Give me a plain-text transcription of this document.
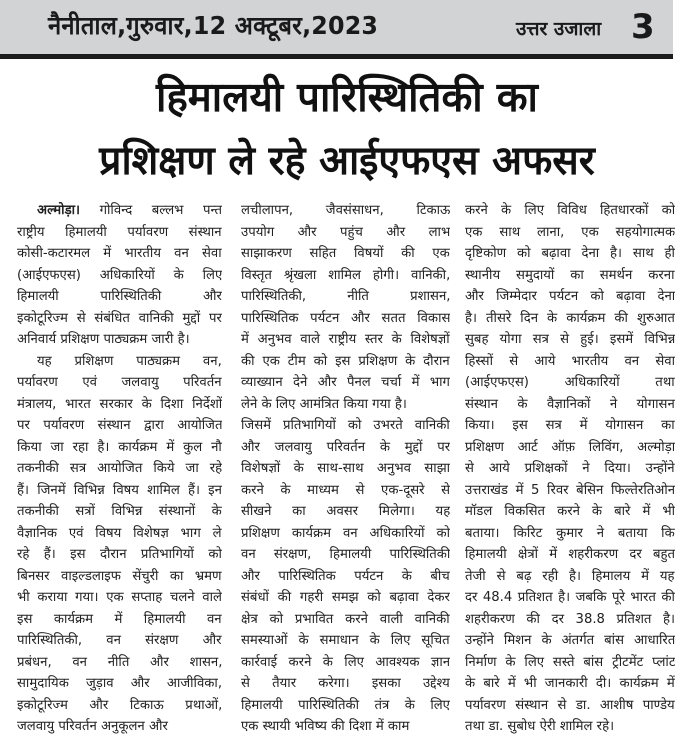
नैनीताल,गुरुवार,12 अक्टूबर,2023	उत्तर उजाला 3
हिमालयी पारिस्थितिकी का
प्रशिक्षण ले रहे आईएफएस अफसर
अल्मोड़ा। गोविन्द बल्लभ पन्त
राष्ट्रीय हिमालयी पर्यावरण संस्थान
कोसी-कटारमल में भारतीय वन सेवा
(आईएफएस) अधिकारियों के लिए
हिमालयी पारिस्थितिकी और
इकोटूरिज्म से संबंधित वानिकी मुद्दों पर
अनिवार्य प्रशिक्षण पाठ्यक्रम जारी है।
यह प्रशिक्षण पाठ्यक्रम वन,
पर्यावरण एवं जलवायु परिवर्तन
मंत्रालय, भारत सरकार के दिशा निर्देशों
पर पर्यावरण संस्थान द्वारा आयोजित
किया जा रहा है। कार्यक्रम में कुल नौ
तकनीकी सत्र आयोजित किये जा रहे
हैं। जिनमें विभिन्न विषय शामिल हैं। इन
तकनीकी सत्रों विभिन्न संस्थानों के
वैज्ञानिक एवं विषय विशेषज्ञ भाग ले
रहे हैं। इस दौरान प्रतिभागियों को
बिनसर वाइल्डलाइफ सेंचुरी का भ्रमण
भी कराया गया। एक सप्ताह चलने वाले
इस कार्यक्रम में हिमालयी वन
पारिस्थितिकी, वन संरक्षण और
प्रबंधन, वन नीति और शासन,
सामुदायिक जुड़ाव और आजीविका,
इकोटूरिज्म और टिकाऊ प्रथाओं,
जलवायु परिवर्तन अनुकूलन और
लचीलापन, जैवसंसाधन, टिकाऊ
उपयोग और पहुंच और लाभ
साझाकरण सहित विषयों की एक
विस्तृत श्रृंखला शामिल होगी। वानिकी,
पारिस्थितिकी, नीति प्रशासन,
पारिस्थितिक पर्यटन और सतत विकास
में अनुभव वाले राष्ट्रीय स्तर के विशेषज्ञों
की एक टीम को इस प्रशिक्षण के दौरान
व्याख्यान देने और पैनल चर्चा में भाग
लेने के लिए आमंत्रित किया गया है।
जिसमें प्रतिभागियों को उभरते वानिकी
और जलवायु परिवर्तन के मुद्दों पर
विशेषज्ञों के साथ-साथ अनुभव साझा
करने के माध्यम से एक-दूसरे से
सीखने का अवसर मिलेगा। यह
प्रशिक्षण कार्यक्रम वन अधिकारियों को
वन संरक्षण, हिमालयी पारिस्थितिकी
और पारिस्थितिक पर्यटन के बीच
संबंधों की गहरी समझ को बढ़ावा देकर
क्षेत्र को प्रभावित करने वाली वानिकी
समस्याओं के समाधान के लिए सूचित
कार्रवाई करने के लिए आवश्यक ज्ञान
से तैयार करेगा। इसका उद्देश्य
हिमालयी पारिस्थितिकी तंत्र के लिए
एक स्थायी भविष्य की दिशा में काम
करने के लिए विविध हितधारकों को
एक साथ लाना, एक सहयोगात्मक
दृष्टिकोण को बढ़ावा देना है। साथ ही
स्थानीय समुदायों का समर्थन करना
और जिम्मेदार पर्यटन को बढ़ावा देना
है। तीसरे दिन के कार्यक्रम की शुरुआत
सुबह योगा सत्र से हुई। इसमें विभिन्न
हिस्सों से आये भारतीय वन सेवा
(आईएफएस) अधिकारियों तथा
संस्थान के वैज्ञानिकों ने योगासन
किया। इस सत्र में योगासन का
प्रशिक्षण आर्ट ऑफ़ लिविंग, अल्मोड़ा
से आये प्रशिक्षकों ने दिया। उन्होंने
उत्तराखंड में 5 रिवर बेसिन फिल्तेरतिओन
मॉडल विकसित करने के बारे में भी
बताया। किरिट कुमार ने बताया कि
हिमालयी क्षेत्रों में शहरीकरण दर बहुत
तेजी से बढ़ रही है। हिमालय में यह
दर 48.4 प्रतिशत है। जबकि पूरे भारत की
शहरीकरण की दर 38.8 प्रतिशत है।
उन्होंने मिशन के अंतर्गत बांस आधारित
निर्माण के लिए सस्ते बांस ट्रीटमेंट प्लांट
के बारे में भी जानकारी दी। कार्यक्रम में
पर्यावरण संस्थान से डा. आशीष पाण्डेय
तथा डा. सुबोध ऐरी शामिल रहे।
